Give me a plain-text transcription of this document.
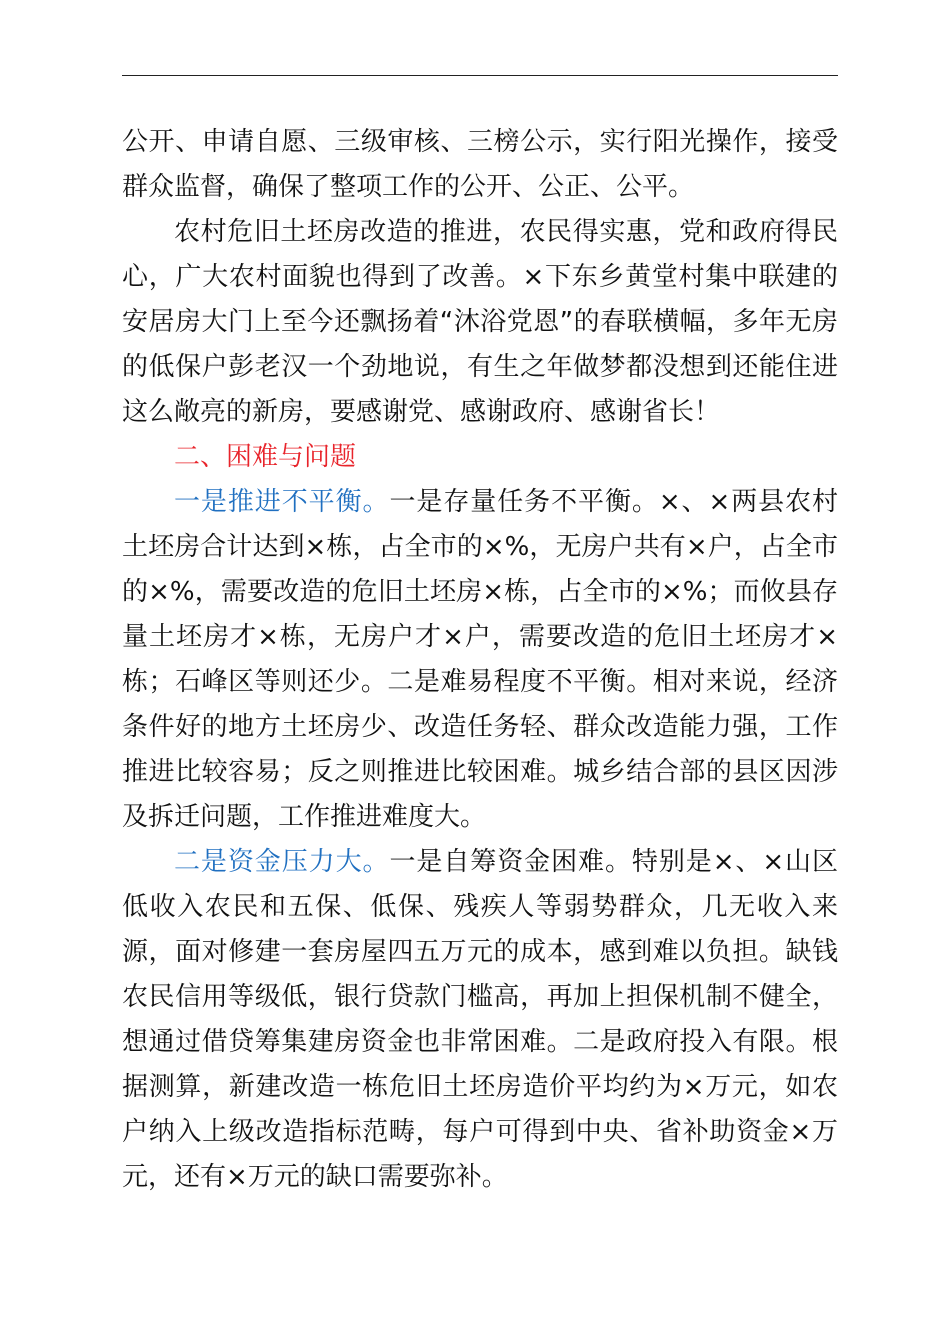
公开、申请自愿、三级审核、三榜公示，实行阳光操作，接受群众监督，确保了整项工作的公开、公正、公平。

农村危旧土坯房改造的推进，农民得实惠，党和政府得民心，广大农村面貌也得到了改善。×下东乡黄堂村集中联建的安居房大门上至今还飘扬着“沐浴党恩”的春联横幅，多年无房的低保户彭老汉一个劲地说，有生之年做梦都没想到还能住进这么敞亮的新房，要感谢党、感谢政府、感谢省长！

二、困难与问题

一是推进不平衡。一是存量任务不平衡。×、×两县农村土坯房合计达到×栋，占全市的×%，无房户共有×户，占全市的×%，需要改造的危旧土坯房×栋，占全市的×%；而攸县存量土坯房才×栋，无房户才×户，需要改造的危旧土坯房才×栋；石峰区等则还少。二是难易程度不平衡。相对来说，经济条件好的地方土坯房少、改造任务轻、群众改造能力强，工作推进比较容易；反之则推进比较困难。城乡结合部的县区因涉及拆迁问题，工作推进难度大。

二是资金压力大。一是自筹资金困难。特别是×、×山区低收入农民和五保、低保、残疾人等弱势群众，几无收入来源，面对修建一套房屋四五万元的成本，感到难以负担。缺钱农民信用等级低，银行贷款门槛高，再加上担保机制不健全，想通过借贷筹集建房资金也非常困难。二是政府投入有限。根据测算，新建改造一栋危旧土坯房造价平均约为×万元，如农户纳入上级改造指标范畴，每户可得到中央、省补助资金×万元，还有×万元的缺口需要弥补。
